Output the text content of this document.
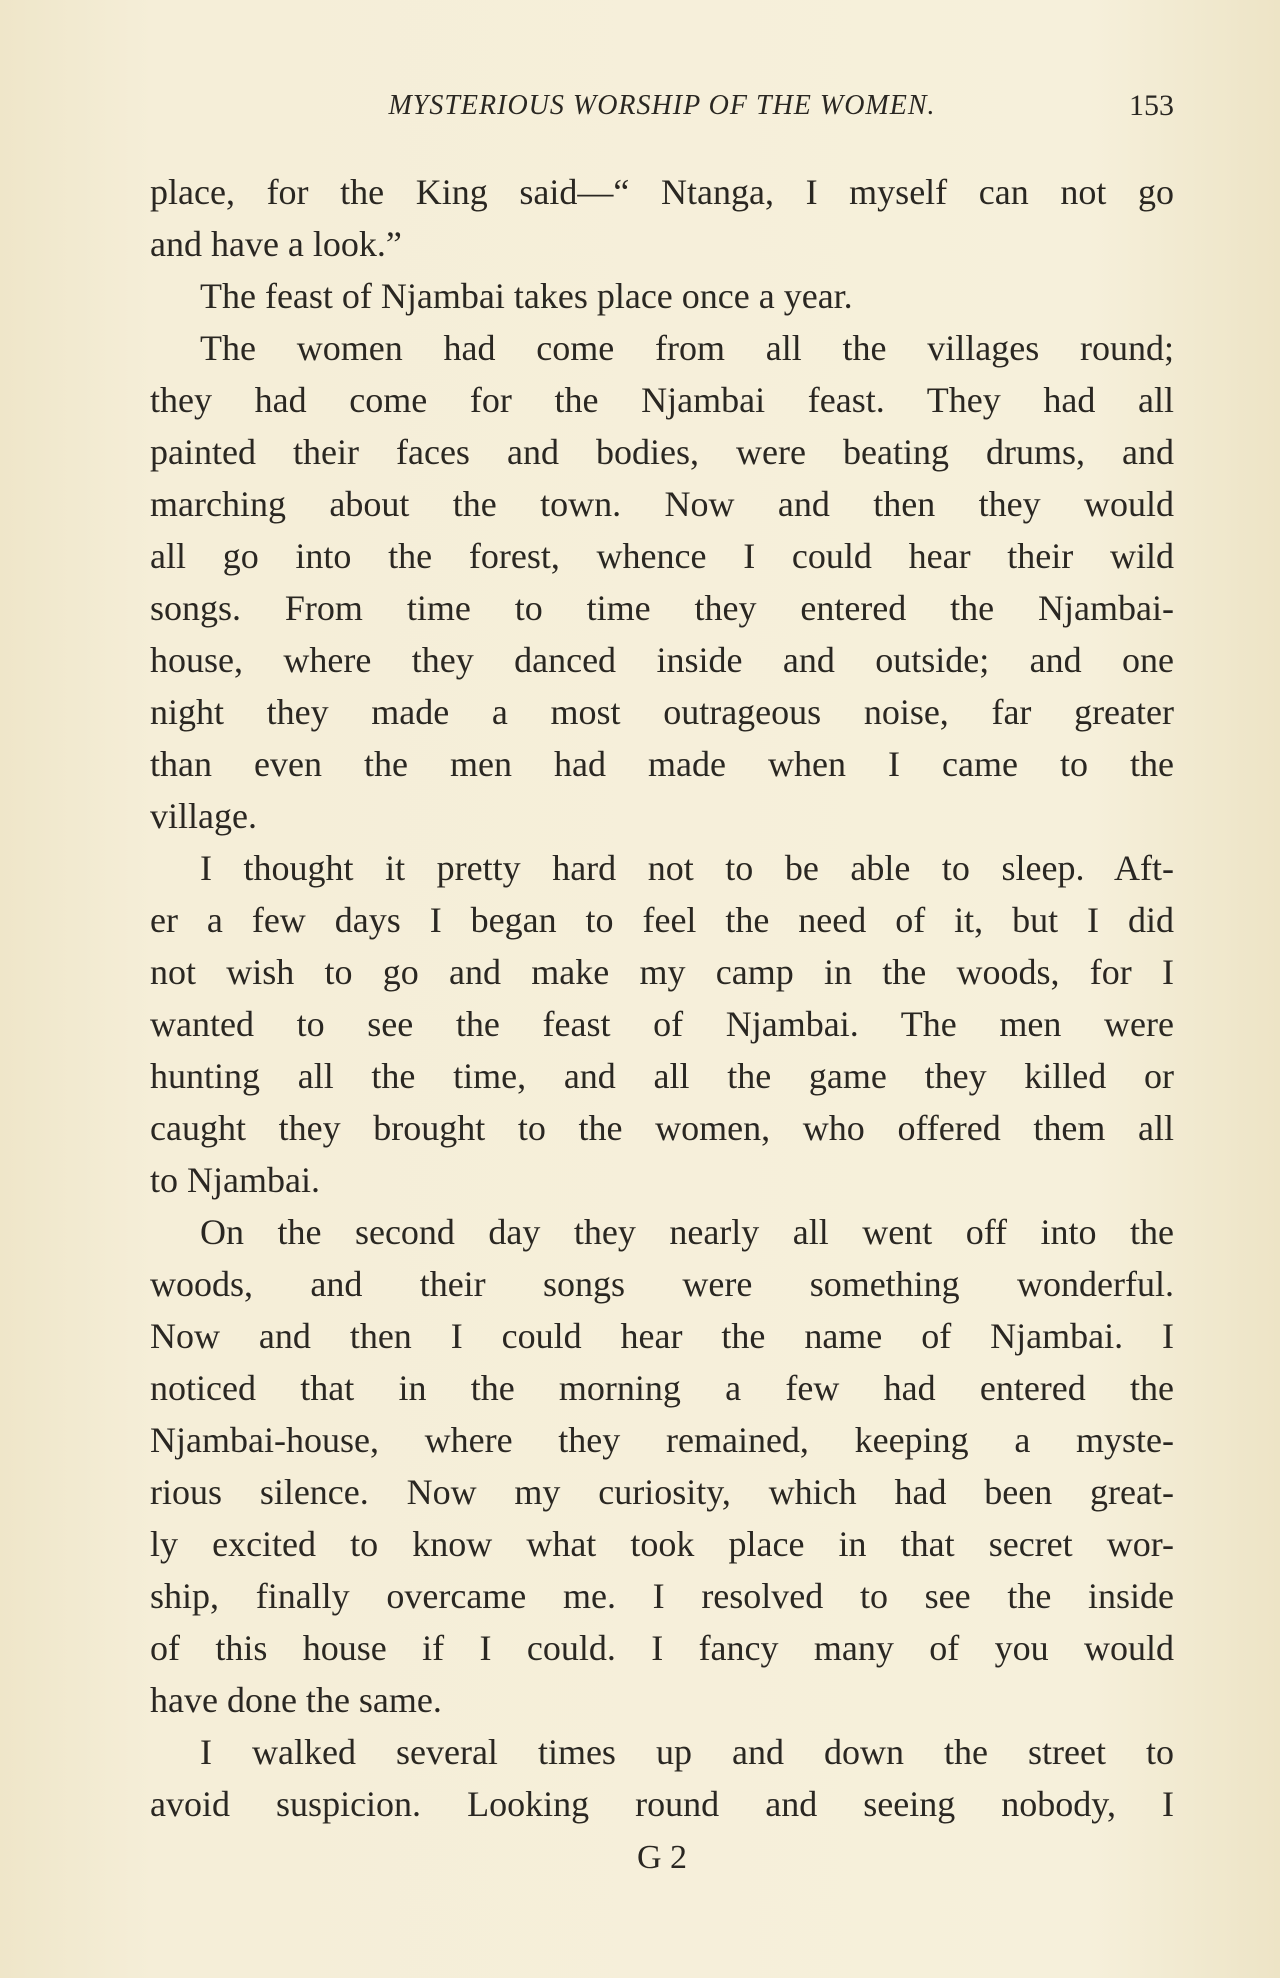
MYSTERIOUS WORSHIP OF THE WOMEN.	153
place, for the King said—“ Ntanga, I myself can not go
and have a look.”
The feast of Njambai takes place once a year.
The women had come from all the villages round;
they had come for the Njambai feast. They had all
painted their faces and bodies, were beating drums, and
marching about the town. Now and then they would
all go into the forest, whence I could hear their wild
songs. From time to time they entered the Njambai-
house, where they danced inside and outside; and one
night they made a most outrageous noise, far greater
than even the men had made when I came to the
village.
I thought it pretty hard not to be able to sleep. Aft-
er a few days I began to feel the need of it, but I did
not wish to go and make my camp in the woods, for I
wanted to see the feast of Njambai. The men were
hunting all the time, and all the game they killed or
caught they brought to the women, who offered them all
to Njambai.
On the second day they nearly all went off into the
woods, and their songs were something wonderful.
Now and then I could hear the name of Njambai. I
noticed that in the morning a few had entered the
Njambai-house, where they remained, keeping a myste-
rious silence. Now my curiosity, which had been great-
ly excited to know what took place in that secret wor-
ship, finally overcame me. I resolved to see the inside
of this house if I could. I fancy many of you would
have done the same.
I walked several times up and down the street to
avoid suspicion. Looking round and seeing nobody, I
G 2
